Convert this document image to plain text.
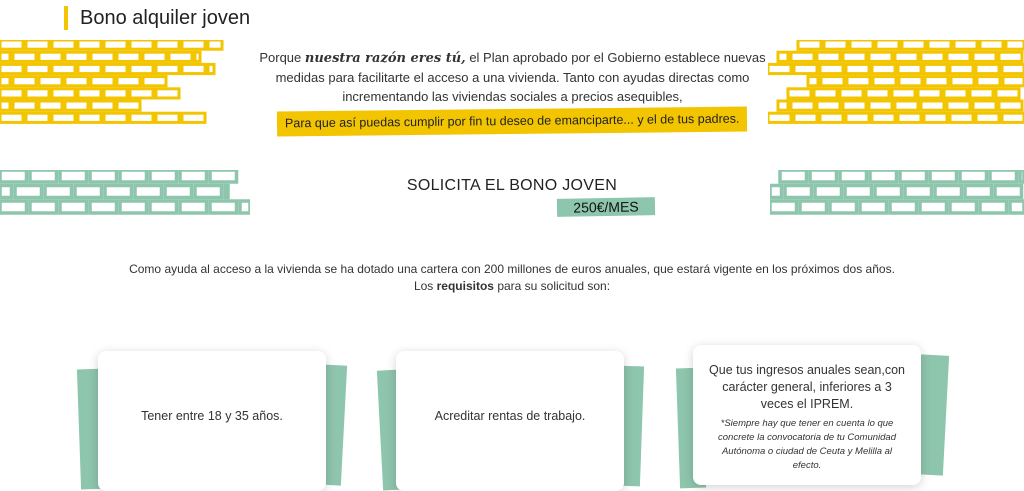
Bono alquiler joven
Porque nuestra razón eres tú, el Plan aprobado por el Gobierno establece nuevas medidas para facilitarte el acceso a una vivienda. Tanto con ayudas directas como incrementando las viviendas sociales a precios asequibles,
Para que así puedas cumplir por fin tu deseo de emanciparte... y el de tus padres.
SOLICITA EL BONO JOVEN
250€/MES
Como ayuda al acceso a la vivienda se ha dotado una cartera con 200 millones de euros anuales, que estará vigente en los próximos dos años.
Los requisitos para su solicitud son:
Tener entre 18 y 35 años.	Acreditar rentas de trabajo.
Que tus ingresos anuales sean,con carácter general, inferiores a 3 veces el IPREM.
*Siempre hay que tener en cuenta lo que concrete la convocatoria de tu Comunidad Autónoma o ciudad de Ceuta y Melilla al efecto.
